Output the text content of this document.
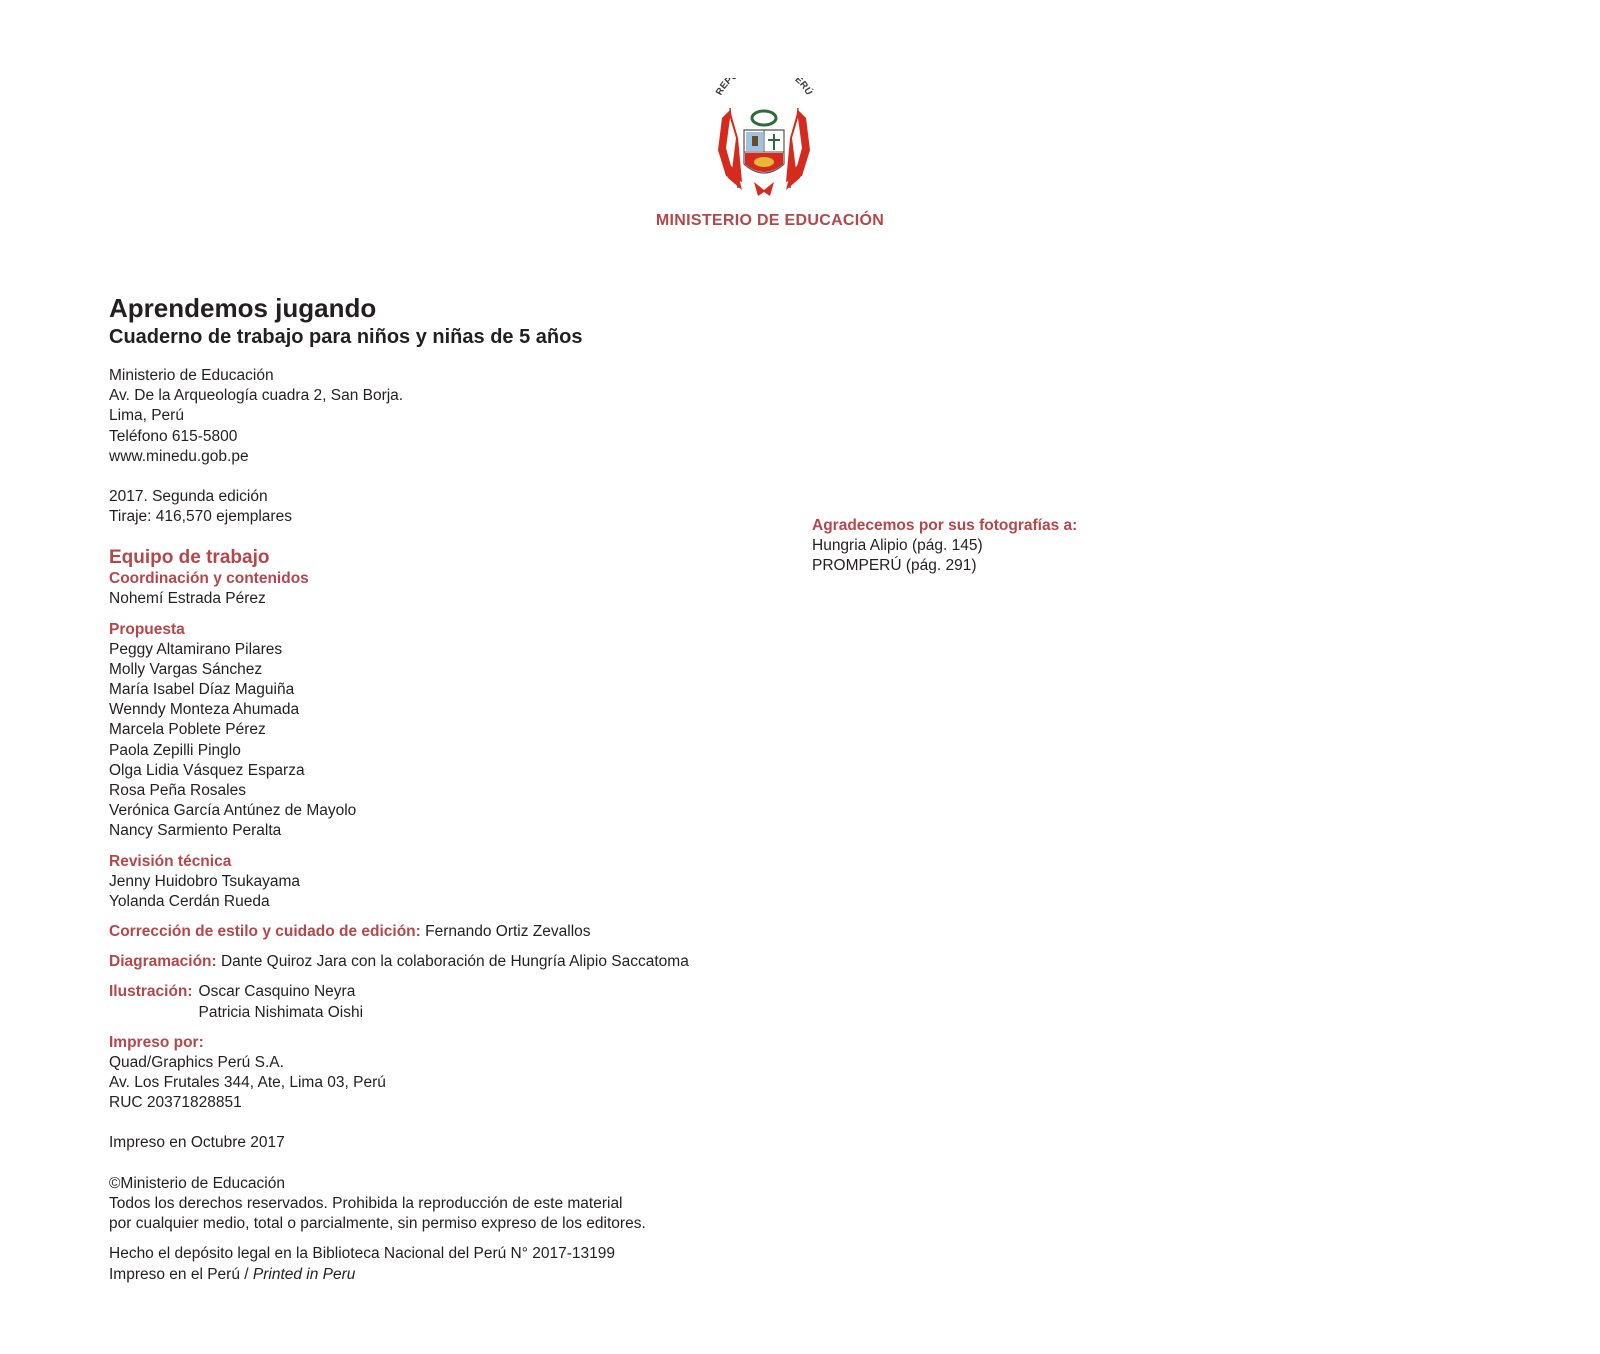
REP ERÚ
MINISTERIO DE EDUCACIÓN
Aprendemos jugando
Cuaderno de trabajo para niños y niñas de 5 años
Ministerio de Educación
Av. De la Arqueología cuadra 2, San Borja.
Lima, Perú
Teléfono 615-5800
www.minedu.gob.pe
2017. Segunda edición
Tiraje: 416,570 ejemplares
Equipo de trabajo
Coordinación y contenidos
Nohemí Estrada Pérez
Propuesta
Peggy Altamirano Pilares
Molly Vargas Sánchez
María Isabel Díaz Maguiña
Wenndy Monteza Ahumada
Marcela Poblete Pérez
Paola Zepilli Pinglo
Olga Lidia Vásquez Esparza
Rosa Peña Rosales
Verónica García Antúnez de Mayolo
Nancy Sarmiento Peralta
Revisión técnica
Jenny Huidobro Tsukayama
Yolanda Cerdán Rueda
Corrección de estilo y cuidado de edición: Fernando Ortiz Zevallos
Diagramación: Dante Quiroz Jara con la colaboración de Hungría Alipio Saccatoma
Ilustración: Oscar Casquino Neyra
Patricia Nishimata Oishi
Impreso por:
Quad/Graphics Perú S.A.
Av. Los Frutales 344, Ate, Lima 03, Perú
RUC 20371828851
Impreso en Octubre 2017
©Ministerio de Educación
Todos los derechos reservados. Prohibida la reproducción de este material
por cualquier medio, total o parcialmente, sin permiso expreso de los editores.
Hecho el depósito legal en la Biblioteca Nacional del Perú N° 2017-13199
Impreso en el Perú / Printed in Peru
Agradecemos por sus fotografías a:
Hungria Alipio (pág. 145)
PROMPERÚ (pág. 291)
